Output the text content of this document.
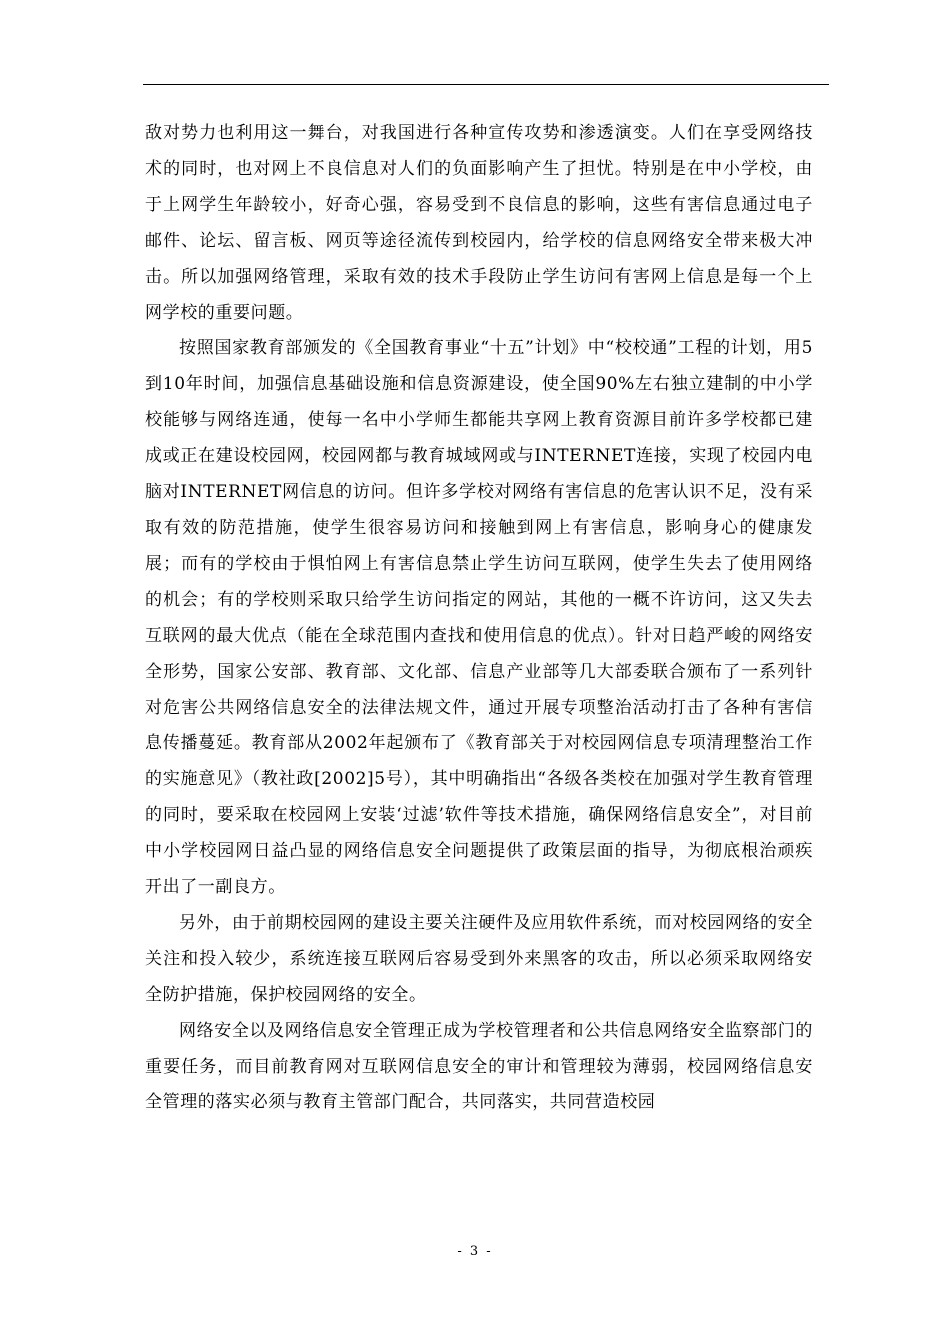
敌对势力也利用这一舞台，对我国进行各种宣传攻势和渗透演变。人们在享受网络技术的同时，也对网上不良信息对人们的负面影响产生了担忧。特别是在中小学校，由于上网学生年龄较小，好奇心强，容易受到不良信息的影响，这些有害信息通过电子邮件、论坛、留言板、网页等途径流传到校园内，给学校的信息网络安全带来极大冲击。所以加强网络管理，采取有效的技术手段防止学生访问有害网上信息是每一个上网学校的重要问题。

按照国家教育部颁发的《全国教育事业“十五”计划》中“校校通”工程的计划，用5到10年时间，加强信息基础设施和信息资源建设，使全国90%左右独立建制的中小学校能够与网络连通，使每一名中小学师生都能共享网上教育资源目前许多学校都已建成或正在建设校园网，校园网都与教育城域网或与INTERNET连接，实现了校园内电脑对INTERNET网信息的访问。但许多学校对网络有害信息的危害认识不足，没有采取有效的防范措施，使学生很容易访问和接触到网上有害信息，影响身心的健康发展；而有的学校由于惧怕网上有害信息禁止学生访问互联网，使学生失去了使用网络的机会；有的学校则采取只给学生访问指定的网站，其他的一概不许访问，这又失去互联网的最大优点（能在全球范围内查找和使用信息的优点）。针对日趋严峻的网络安全形势，国家公安部、教育部、文化部、信息产业部等几大部委联合颁布了一系列针对危害公共网络信息安全的法律法规文件，通过开展专项整治活动打击了各种有害信息传播蔓延。教育部从2002年起颁布了《教育部关于对校园网信息专项清理整治工作的实施意见》（教社政[2002]5号），其中明确指出“各级各类校在加强对学生教育管理的同时，要采取在校园网上安装‘过滤’软件等技术措施，确保网络信息安全”，对目前中小学校园网日益凸显的网络信息安全问题提供了政策层面的指导，为彻底根治顽疾开出了一副良方。

另外，由于前期校园网的建设主要关注硬件及应用软件系统，而对校园网络的安全关注和投入较少，系统连接互联网后容易受到外来黑客的攻击，所以必须采取网络安全防护措施，保护校园网络的安全。

网络安全以及网络信息安全管理正成为学校管理者和公共信息网络安全监察部门的重要任务，而目前教育网对互联网信息安全的审计和管理较为薄弱，校园网络信息安全管理的落实必须与教育主管部门配合，共同落实，共同营造校园

- 3 -
